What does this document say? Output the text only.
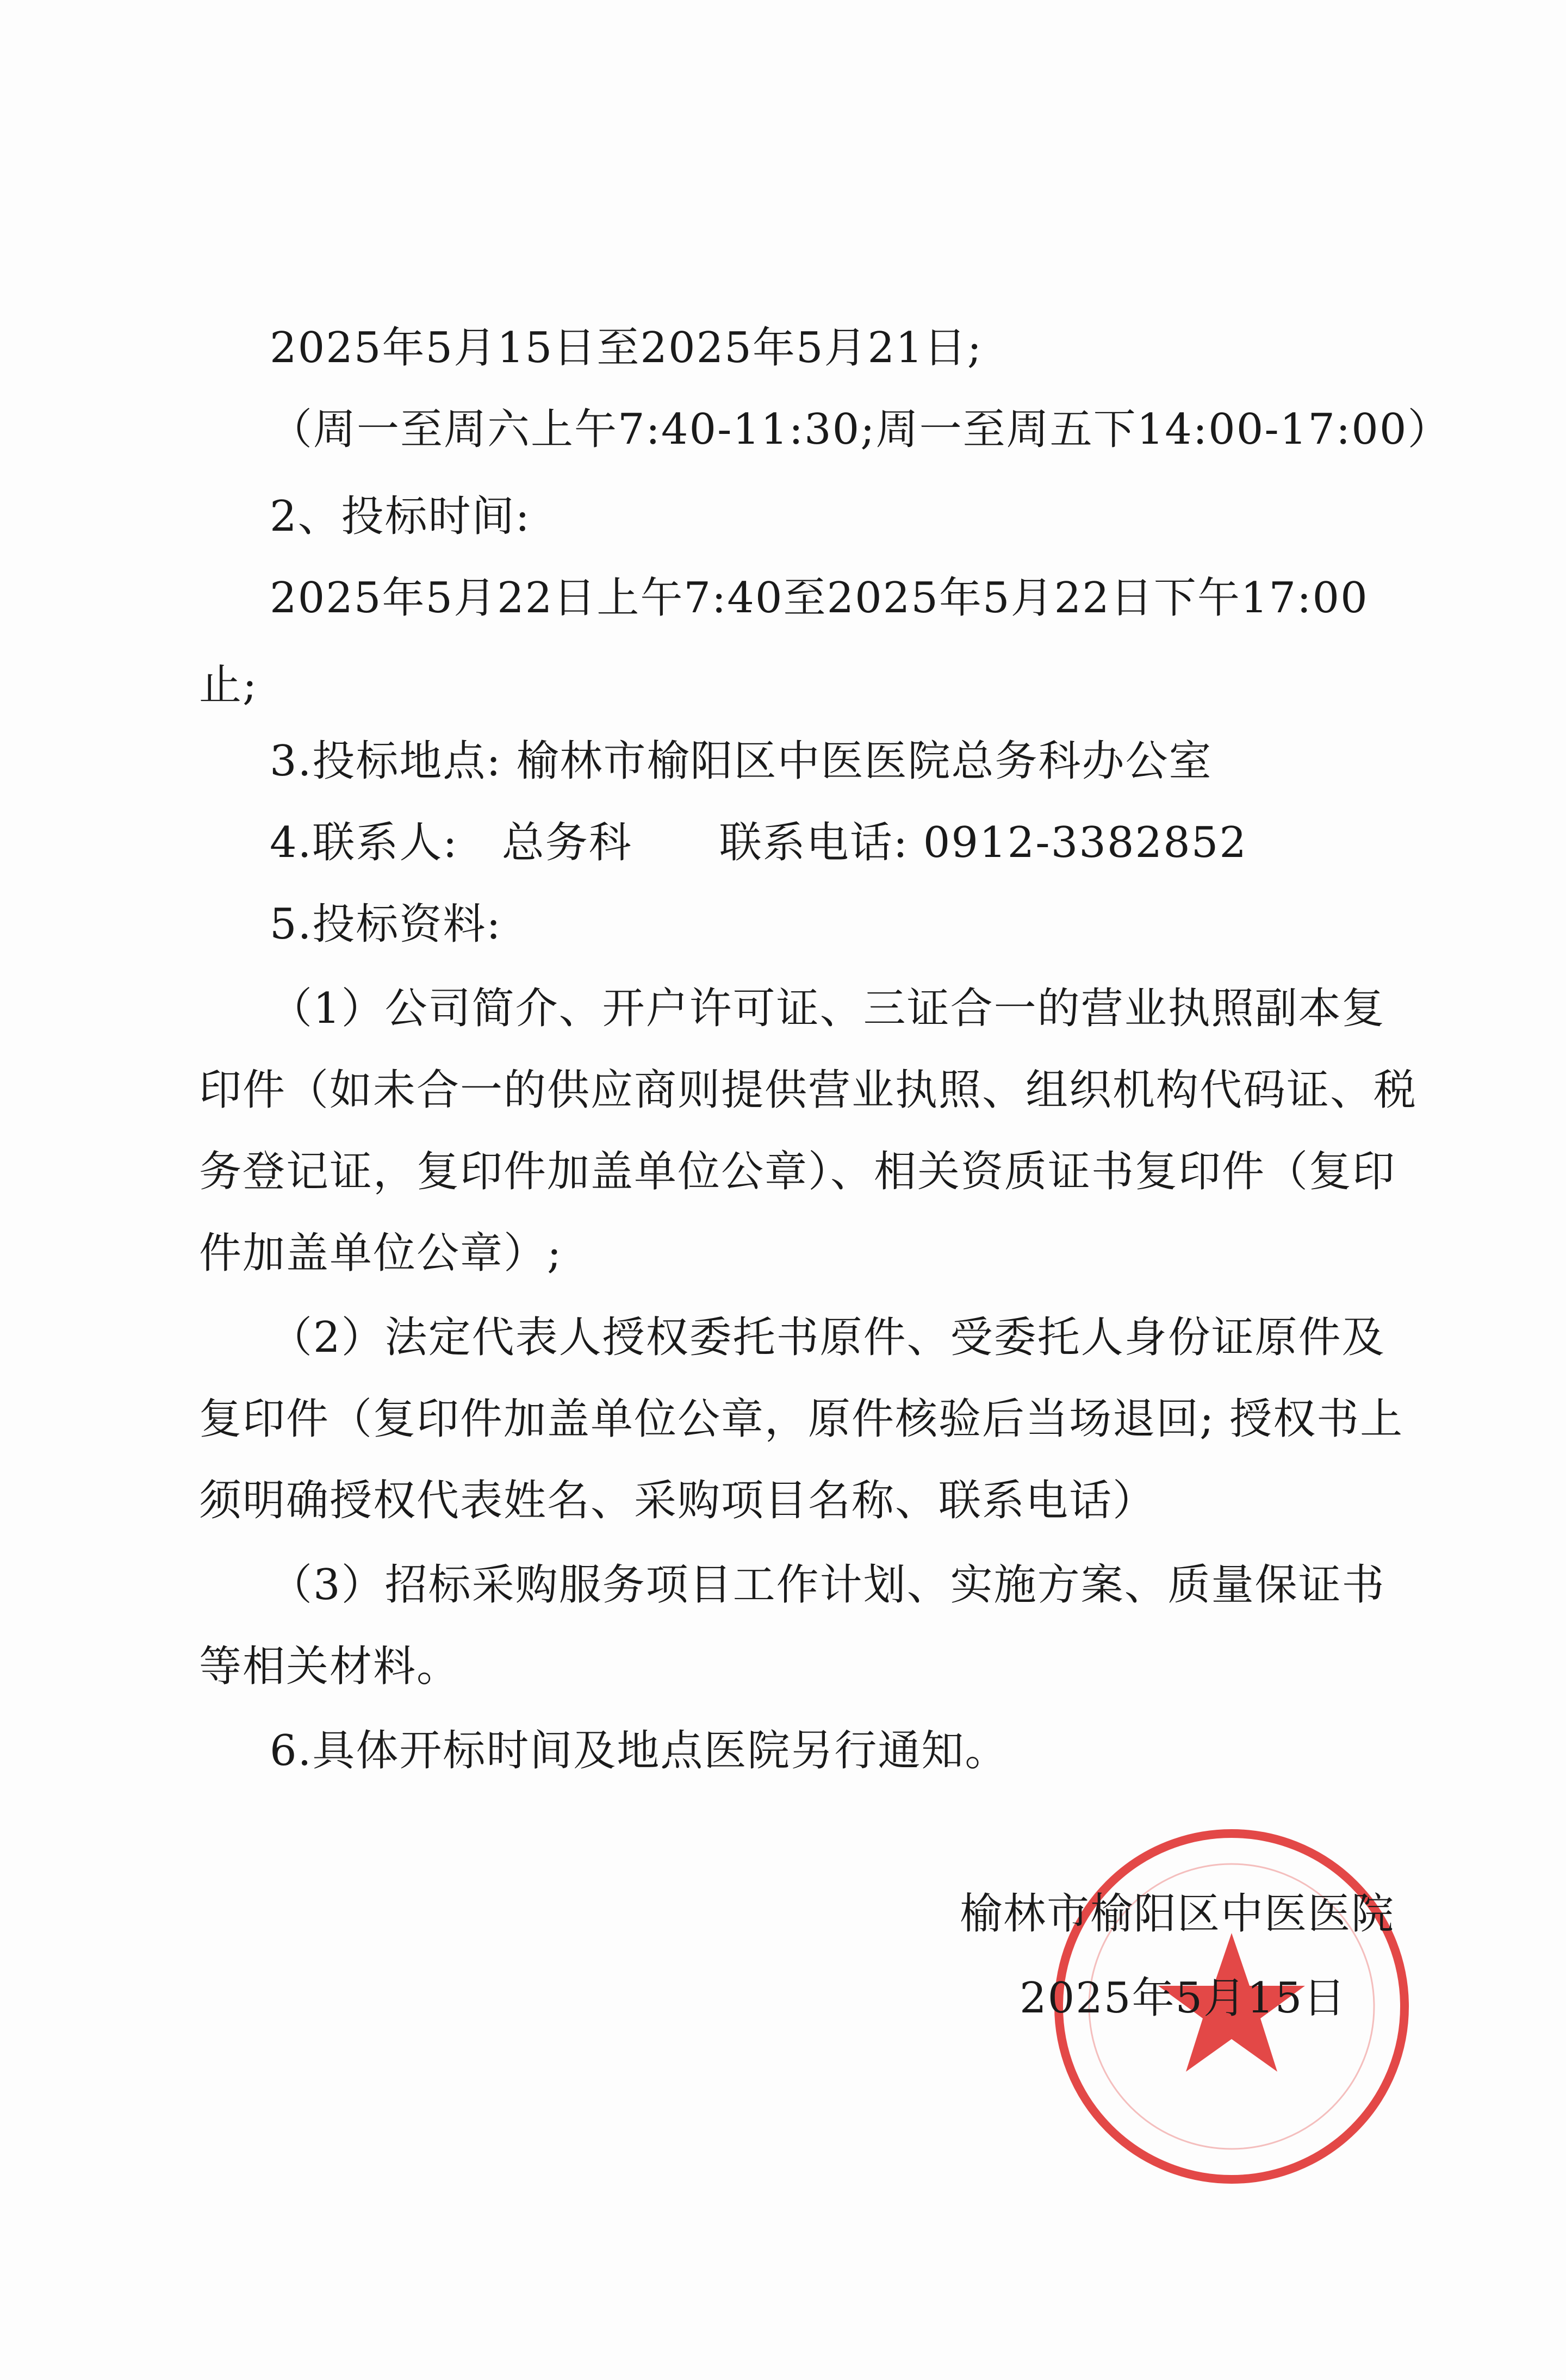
2025年5月15日至2025年5月21日;
（周一至周六上午7:40-11:30;周一至周五下14:00-17:00）
2、投标时间:
2025年5月22日上午7:40至2025年5月22日下午17:00
止;
3.投标地点: 榆林市榆阳区中医医院总务科办公室
4.联系人:　总务科　　联系电话: 0912-3382852
5.投标资料:
（1）公司简介、开户许可证、三证合一的营业执照副本复
印件（如未合一的供应商则提供营业执照、组织机构代码证、税
务登记证，复印件加盖单位公章）、相关资质证书复印件（复印
件加盖单位公章）;
（2）法定代表人授权委托书原件、受委托人身份证原件及
复印件（复印件加盖单位公章，原件核验后当场退回; 授权书上
须明确授权代表姓名、采购项目名称、联系电话）
（3）招标采购服务项目工作计划、实施方案、质量保证书
等相关材料。
6.具体开标时间及地点医院另行通知。
榆林市榆阳区中医医院
2025年5月15日
